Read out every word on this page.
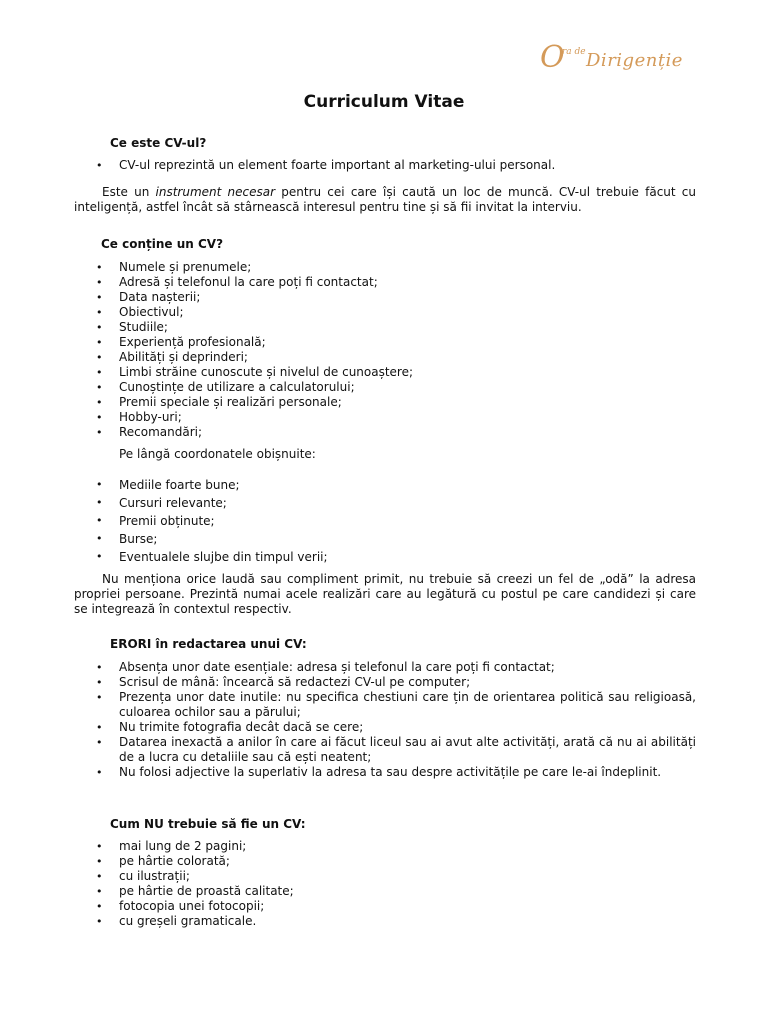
O
ra de Dirigenție
Curriculum Vitae
Ce este CV-ul?
• CV-ul reprezintă un element foarte important al marketing-ului personal.

Este un instrument necesar pentru cei care își caută un loc de muncă. CV-ul trebuie făcut cu inteligență, astfel încât să stârnească interesul pentru tine și să fii invitat la interviu.

Ce conține un CV?
• Numele și prenumele;
• Adresă și telefonul la care poți fi contactat;
• Data nașterii;
• Obiectivul;
• Studiile;
• Experiență profesională;
• Abilități și deprinderi;
• Limbi străine cunoscute și nivelul de cunoaștere;
• Cunoștințe de utilizare a calculatorului;
• Premii speciale și realizări personale;
• Hobby-uri;
• Recomandări;
Pe lângă coordonatele obișnuite:
• Mediile foarte bune;
• Cursuri relevante;
• Premii obținute;
• Burse;
• Eventualele slujbe din timpul verii;

Nu menționa orice laudă sau compliment primit, nu trebuie să creezi un fel de „odă” la adresa propriei persoane. Prezintă numai acele realizări care au legătură cu postul pe care candidezi și care se integrează în contextul respectiv.

ERORI în redactarea unui CV:
• Absența unor date esențiale: adresa și telefonul la care poți fi contactat;
• Scrisul de mână: încearcă să redactezi CV-ul pe computer;
• Prezența unor date inutile: nu specifica chestiuni care țin de orientarea politică sau religioasă, culoarea ochilor sau a părului;
• Nu trimite fotografia decât dacă se cere;
• Datarea inexactă a anilor în care ai făcut liceul sau ai avut alte activități, arată că nu ai abilități de a lucra cu detaliile sau că ești neatent;
• Nu folosi adjective la superlativ la adresa ta sau despre activitățile pe care le-ai îndeplinit.
Cum NU trebuie să fie un CV:
• mai lung de 2 pagini;
• pe hârtie colorată;
• cu ilustrații;
• pe hârtie de proastă calitate;
• fotocopia unei fotocopii;
• cu greșeli gramaticale.
